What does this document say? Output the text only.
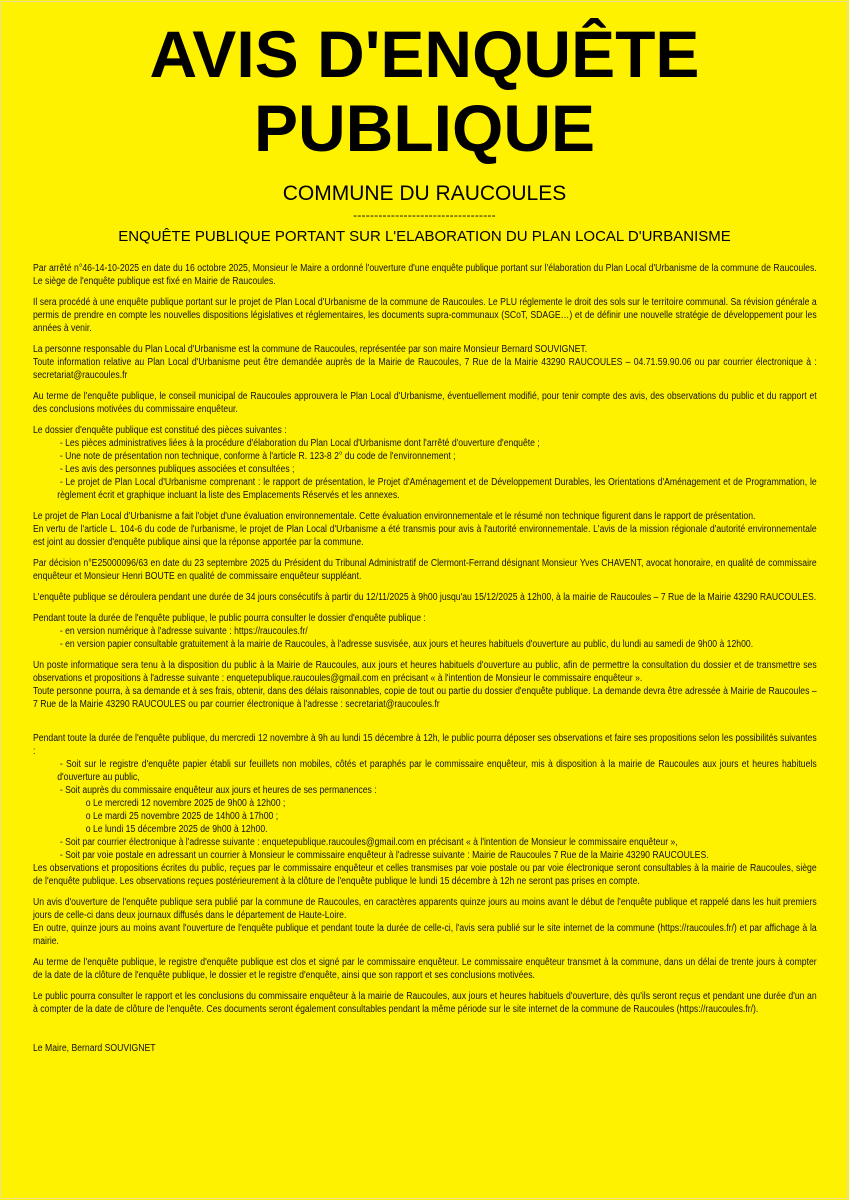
AVIS D'ENQUÊTE
PUBLIQUE
COMMUNE DU RAUCOULES
----------------------------------
ENQUÊTE PUBLIQUE PORTANT SUR L'ELABORATION DU PLAN LOCAL D'URBANISME

Par arrêté n°46-14-10-2025 en date du 16 octobre 2025, Monsieur le Maire a ordonné l'ouverture d'une enquête publique portant sur l'élaboration du Plan Local d'Urbanisme de la commune de Raucoules. Le siège de l'enquête publique est fixé en Mairie de Raucoules.

Il sera procédé à une enquête publique portant sur le projet de Plan Local d'Urbanisme de la commune de Raucoules. Le PLU réglemente le droit des sols sur le territoire communal. Sa révision générale a permis de prendre en compte les nouvelles dispositions législatives et réglementaires, les documents supra-communaux (SCoT, SDAGE…) et de définir une nouvelle stratégie de développement pour les années à venir.

La personne responsable du Plan Local d'Urbanisme est la commune de Raucoules, représentée par son maire Monsieur Bernard SOUVIGNET.

Toute information relative au Plan Local d'Urbanisme peut être demandée auprès de la Mairie de Raucoules, 7 Rue de la Mairie 43290 RAUCOULES – 04.71.59.90.06 ou par courrier électronique à : secretariat@raucoules.fr

Au terme de l'enquête publique, le conseil municipal de Raucoules approuvera le Plan Local d'Urbanisme, éventuellement modifié, pour tenir compte des avis, des observations du public et du rapport et des conclusions motivées du commissaire enquêteur.

Le dossier d'enquête publique est constitué des pièces suivantes :

- Les pièces administratives liées à la procédure d'élaboration du Plan Local d'Urbanisme dont l'arrêté d'ouverture d'enquête ;
- Une note de présentation non technique, conforme à l'article R. 123-8 2° du code de l'environnement ;
- Les avis des personnes publiques associées et consultées ;
- Le projet de Plan Local d'Urbanisme comprenant : le rapport de présentation, le Projet d'Aménagement et de Développement Durables, les Orientations d'Aménagement et de Programmation, le règlement écrit et graphique incluant la liste des Emplacements Réservés et les annexes.

Le projet de Plan Local d'Urbanisme a fait l'objet d'une évaluation environnementale. Cette évaluation environnementale et le résumé non technique figurent dans le rapport de présentation.

En vertu de l'article L. 104-6 du code de l'urbanisme, le projet de Plan Local d'Urbanisme a été transmis pour avis à l'autorité environnementale. L'avis de la mission régionale d'autorité environnementale est joint au dossier d'enquête publique ainsi que la réponse apportée par la commune.

Par décision n°E25000096/63 en date du 23 septembre 2025 du Président du Tribunal Administratif de Clermont-Ferrand désignant Monsieur Yves CHAVENT, avocat honoraire, en qualité de commissaire enquêteur et Monsieur Henri BOUTE en qualité de commissaire enquêteur suppléant.

L'enquête publique se déroulera pendant une durée de 34 jours consécutifs à partir du 12/11/2025 à 9h00 jusqu'au 15/12/2025 à 12h00, à la mairie de Raucoules – 7 Rue de la Mairie 43290 RAUCOULES.

Pendant toute la durée de l'enquête publique, le public pourra consulter le dossier d'enquête publique :

- en version numérique à l'adresse suivante : https://raucoules.fr/
- en version papier consultable gratuitement à la mairie de Raucoules, à l'adresse susvisée, aux jours et heures habituels d'ouverture au public, du lundi au samedi de 9h00 à 12h00.

Un poste informatique sera tenu à la disposition du public à la Mairie de Raucoules, aux jours et heures habituels d'ouverture au public, afin de permettre la consultation du dossier et de transmettre ses observations et propositions à l'adresse suivante : enquetepublique.raucoules@gmail.com en précisant « à l'intention de Monsieur le commissaire enquêteur ».

Toute personne pourra, à sa demande et à ses frais, obtenir, dans des délais raisonnables, copie de tout ou partie du dossier d'enquête publique. La demande devra être adressée à Mairie de Raucoules – 7 Rue de la Mairie 43290 RAUCOULES ou par courrier électronique à l'adresse : secretariat@raucoules.fr

Pendant toute la durée de l'enquête publique, du mercredi 12 novembre à 9h au lundi 15 décembre à 12h, le public pourra déposer ses observations et faire ses propositions selon les possibilités suivantes :

- Soit sur le registre d'enquête papier établi sur feuillets non mobiles, côtés et paraphés par le commissaire enquêteur, mis à disposition à la mairie de Raucoules aux jours et heures habituels d'ouverture au public,
- Soit auprès du commissaire enquêteur aux jours et heures de ses permanences :
o Le mercredi 12 novembre 2025 de 9h00 à 12h00 ;
o Le mardi 25 novembre 2025 de 14h00 à 17h00 ;
o Le lundi 15 décembre 2025 de 9h00 à 12h00.
- Soit par courrier électronique à l'adresse suivante : enquetepublique.raucoules@gmail.com en précisant « à l'intention de Monsieur le commissaire enquêteur »,
- Soit par voie postale en adressant un courrier à Monsieur le commissaire enquêteur à l'adresse suivante : Mairie de Raucoules 7 Rue de la Mairie 43290 RAUCOULES.

Les observations et propositions écrites du public, reçues par le commissaire enquêteur et celles transmises par voie postale ou par voie électronique seront consultables à la mairie de Raucoules, siège de l'enquête publique. Les observations reçues postérieurement à la clôture de l'enquête publique le lundi 15 décembre à 12h ne seront pas prises en compte.

Un avis d'ouverture de l'enquête publique sera publié par la commune de Raucoules, en caractères apparents quinze jours au moins avant le début de l'enquête publique et rappelé dans les huit premiers jours de celle-ci dans deux journaux diffusés dans le département de Haute-Loire.

En outre, quinze jours au moins avant l'ouverture de l'enquête publique et pendant toute la durée de celle-ci, l'avis sera publié sur le site internet de la commune (https://raucoules.fr/) et par affichage à la mairie.

Au terme de l'enquête publique, le registre d'enquête publique est clos et signé par le commissaire enquêteur. Le commissaire enquêteur transmet à la commune, dans un délai de trente jours à compter de la date de la clôture de l'enquête publique, le dossier et le registre d'enquête, ainsi que son rapport et ses conclusions motivées.

Le public pourra consulter le rapport et les conclusions du commissaire enquêteur à la mairie de Raucoules, aux jours et heures habituels d'ouverture, dès qu'ils seront reçus et pendant une durée d'un an à compter de la date de clôture de l'enquête. Ces documents seront également consultables pendant la même période sur le site internet de la commune de Raucoules (https://raucoules.fr/).

Le Maire, Bernard SOUVIGNET
